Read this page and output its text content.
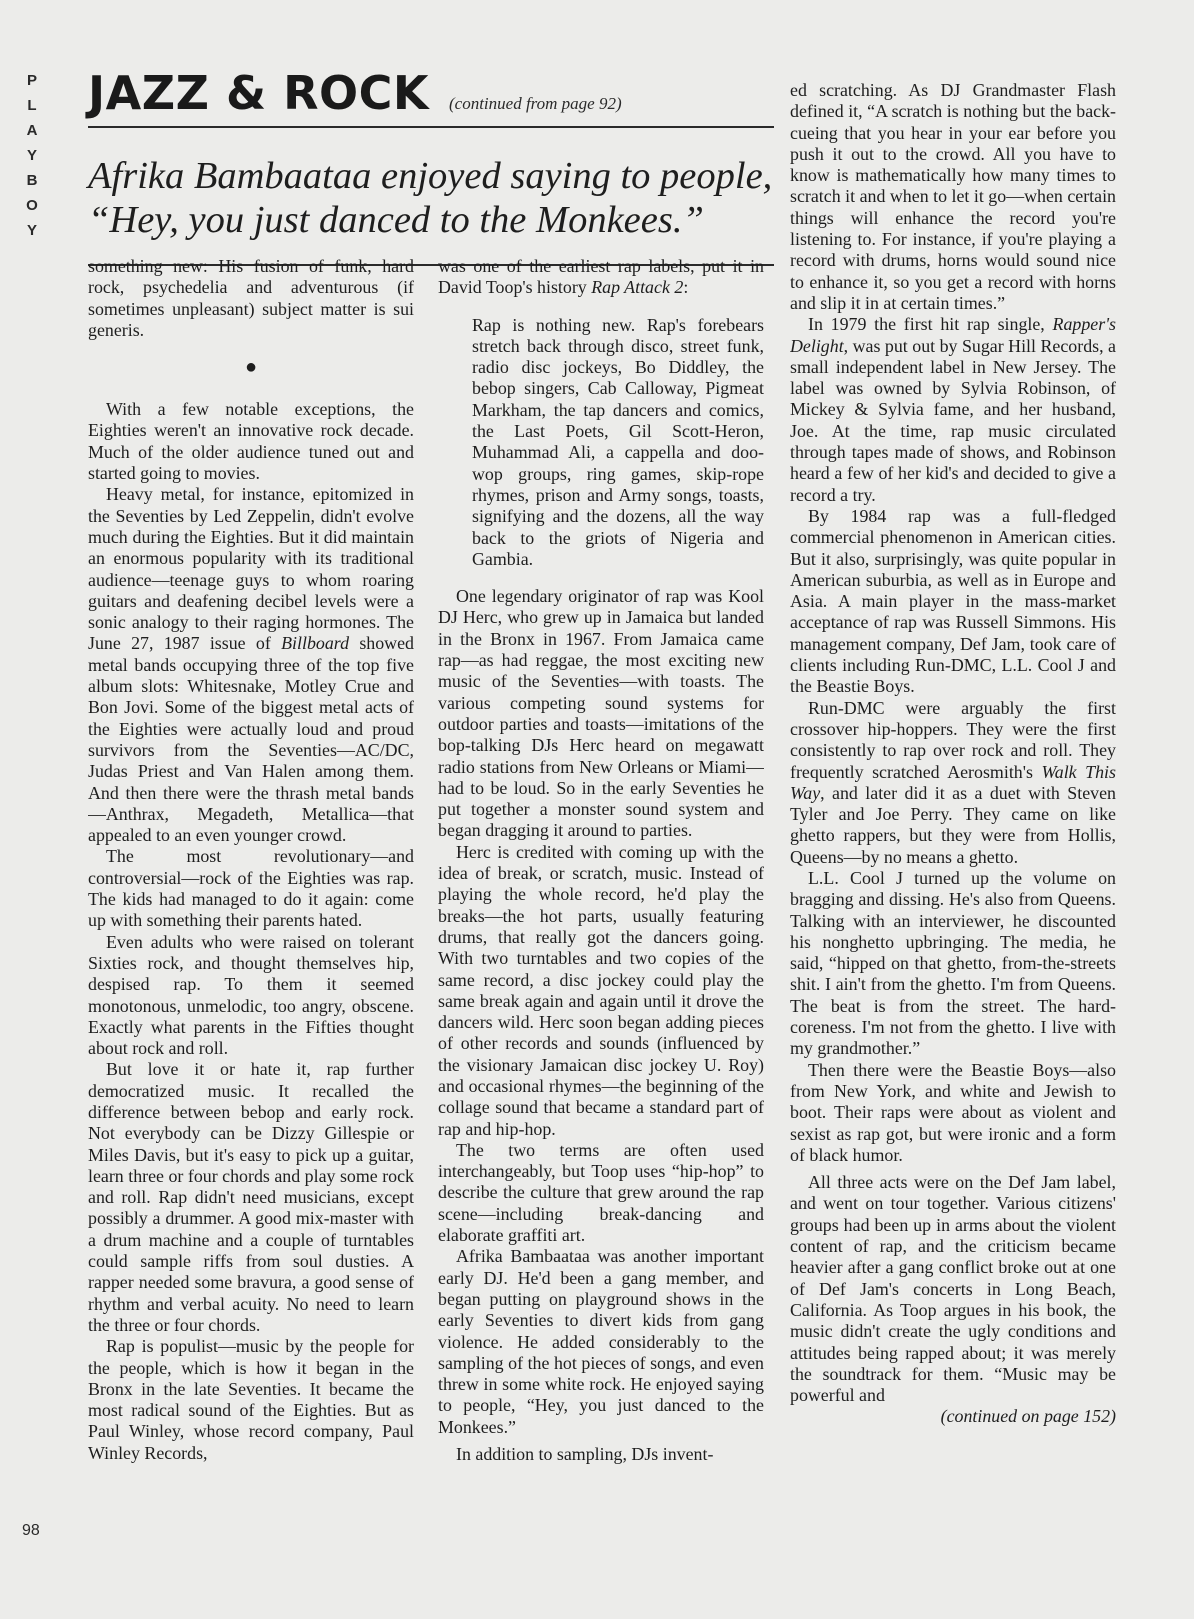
P
L
A
Y
B
O
Y
98
JAZZ & ROCK (continued from page 92)
Afrika Bambaataa enjoyed saying to people, “Hey, you just danced to the Monkees.”

something new: His fusion of funk, hard rock, psychedelia and adventurous (if sometimes unpleasant) subject matter is sui generis.

●

With a few notable exceptions, the Eighties weren't an innovative rock decade. Much of the older audience tuned out and started going to movies.

Heavy metal, for instance, epitomized in the Seventies by Led Zeppelin, didn't evolve much during the Eighties. But it did maintain an enormous popularity with its traditional audience—teenage guys to whom roaring guitars and deafening decibel levels were a sonic analogy to their raging hormones. The June 27, 1987 issue of Billboard showed metal bands occupying three of the top five album slots: Whitesnake, Motley Crue and Bon Jovi. Some of the biggest metal acts of the Eighties were actually loud and proud survivors from the Seventies—AC/DC, Judas Priest and Van Halen among them. And then there were the thrash metal bands—Anthrax, Megadeth, Metallica—that appealed to an even younger crowd.

The most revolutionary—and controversial—rock of the Eighties was rap. The kids had managed to do it again: come up with something their parents hated.

Even adults who were raised on tolerant Sixties rock, and thought themselves hip, despised rap. To them it seemed monotonous, unmelodic, too angry, obscene. Exactly what parents in the Fifties thought about rock and roll.

But love it or hate it, rap further democratized music. It recalled the difference between bebop and early rock. Not everybody can be Dizzy Gillespie or Miles Davis, but it's easy to pick up a guitar, learn three or four chords and play some rock and roll. Rap didn't need musicians, except possibly a drummer. A good mix-master with a drum machine and a couple of turntables could sample riffs from soul dusties. A rapper needed some bravura, a good sense of rhythm and verbal acuity. No need to learn the three or four chords.

Rap is populist—music by the people for the people, which is how it began in the Bronx in the late Seventies. It became the most radical sound of the Eighties. But as Paul Winley, whose record company, Paul Winley Records,

was one of the earliest rap labels, put it in David Toop's history Rap Attack 2:

Rap is nothing new. Rap's forebears stretch back through disco, street funk, radio disc jockeys, Bo Diddley, the bebop singers, Cab Calloway, Pigmeat Markham, the tap dancers and comics, the Last Poets, Gil Scott-Heron, Muhammad Ali, a cappella and doo-wop groups, ring games, skip-rope rhymes, prison and Army songs, toasts, signifying and the dozens, all the way back to the griots of Nigeria and Gambia.

One legendary originator of rap was Kool DJ Herc, who grew up in Jamaica but landed in the Bronx in 1967. From Jamaica came rap—as had reggae, the most exciting new music of the Seventies—with toasts. The various competing sound systems for outdoor parties and toasts—imitations of the bop-talking DJs Herc heard on megawatt radio stations from New Orleans or Miami—had to be loud. So in the early Seventies he put together a monster sound system and began dragging it around to parties.

Herc is credited with coming up with the idea of break, or scratch, music. Instead of playing the whole record, he'd play the breaks—the hot parts, usually featuring drums, that really got the dancers going. With two turntables and two copies of the same record, a disc jockey could play the same break again and again until it drove the dancers wild. Herc soon began adding pieces of other records and sounds (influenced by the visionary Jamaican disc jockey U. Roy) and occasional rhymes—the beginning of the collage sound that became a standard part of rap and hip-hop.

The two terms are often used interchangeably, but Toop uses “hip-hop” to describe the culture that grew around the rap scene—including break-dancing and elaborate graffiti art.

Afrika Bambaataa was another important early DJ. He'd been a gang member, and began putting on playground shows in the early Seventies to divert kids from gang violence. He added considerably to the sampling of the hot pieces of songs, and even threw in some white rock. He enjoyed saying to people, “Hey, you just danced to the Monkees.”

In addition to sampling, DJs invent-

ed scratching. As DJ Grandmaster Flash defined it, “A scratch is nothing but the back-cueing that you hear in your ear before you push it out to the crowd. All you have to know is mathematically how many times to scratch it and when to let it go—when certain things will enhance the record you're listening to. For instance, if you're playing a record with drums, horns would sound nice to enhance it, so you get a record with horns and slip it in at certain times.”

In 1979 the first hit rap single, Rapper's Delight, was put out by Sugar Hill Records, a small independent label in New Jersey. The label was owned by Sylvia Robinson, of Mickey & Sylvia fame, and her husband, Joe. At the time, rap music circulated through tapes made of shows, and Robinson heard a few of her kid's and decided to give a record a try.

By 1984 rap was a full-fledged commercial phenomenon in American cities. But it also, surprisingly, was quite popular in American suburbia, as well as in Europe and Asia. A main player in the mass-market acceptance of rap was Russell Simmons. His management company, Def Jam, took care of clients including Run-DMC, L.L. Cool J and the Beastie Boys.

Run-DMC were arguably the first crossover hip-hoppers. They were the first consistently to rap over rock and roll. They frequently scratched Aerosmith's Walk This Way, and later did it as a duet with Steven Tyler and Joe Perry. They came on like ghetto rappers, but they were from Hollis, Queens—by no means a ghetto.

L.L. Cool J turned up the volume on bragging and dissing. He's also from Queens. Talking with an interviewer, he discounted his nonghetto upbringing. The media, he said, “hipped on that ghetto, from-the-streets shit. I ain't from the ghetto. I'm from Queens. The beat is from the street. The hard-coreness. I'm not from the ghetto. I live with my grandmother.”

Then there were the Beastie Boys—also from New York, and white and Jewish to boot. Their raps were about as violent and sexist as rap got, but were ironic and a form of black humor.

All three acts were on the Def Jam label, and went on tour together. Various citizens' groups had been up in arms about the violent content of rap, and the criticism became heavier after a gang conflict broke out at one of Def Jam's concerts in Long Beach, California. As Toop argues in his book, the music didn't create the ugly conditions and attitudes being rapped about; it was merely the soundtrack for them. “Music may be powerful and

(continued on page 152)
